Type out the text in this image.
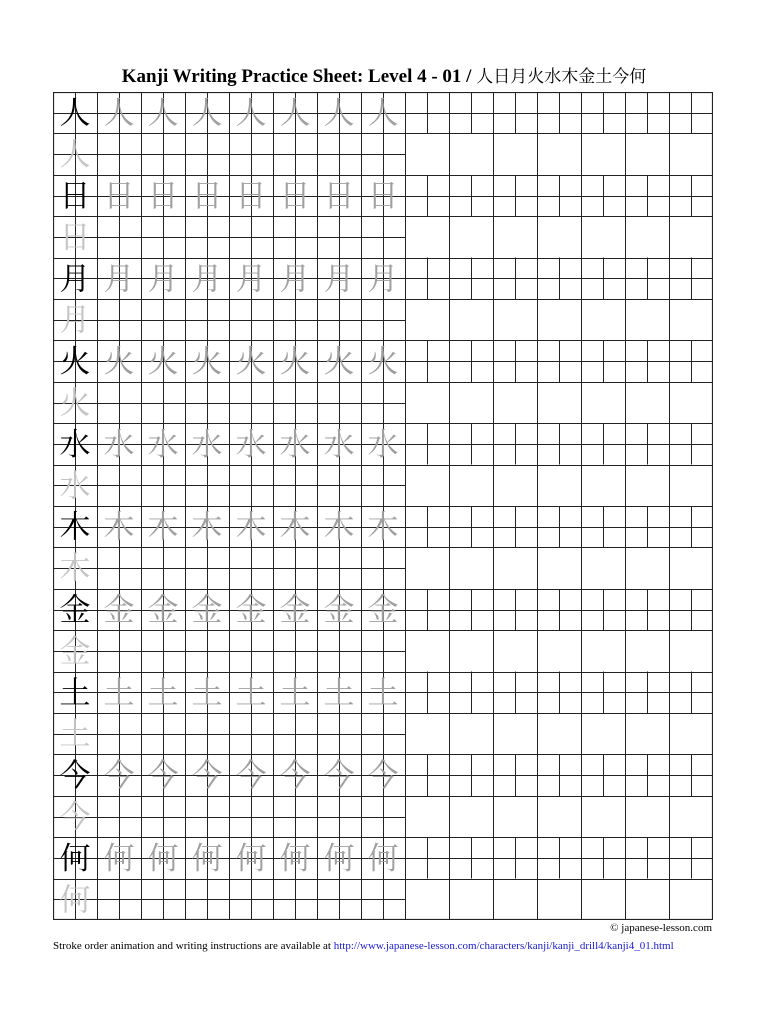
Kanji Writing Practice Sheet: Level 4 - 01 / 人日月火水木金土今何
人 人 人 人 人 人 人 人
人
日 日 日 日 日 日 日 日
日
月 月 月 月 月 月 月 月
月
火 火 火 火 火 火 火 火
火
水 水 水 水 水 水 水 水
水
木 木 木 木 木 木 木 木
木
金 金 金 金 金 金 金 金
金
土 土 土 土 土 土 土 土
土
今 今 今 今 今 今 今 今
今
何 何 何 何 何 何 何 何
何
© japanese-lesson.com
Stroke order animation and writing instructions are available at http://www.japanese-lesson.com/characters/kanji/kanji_drill4/kanji4_01.html
